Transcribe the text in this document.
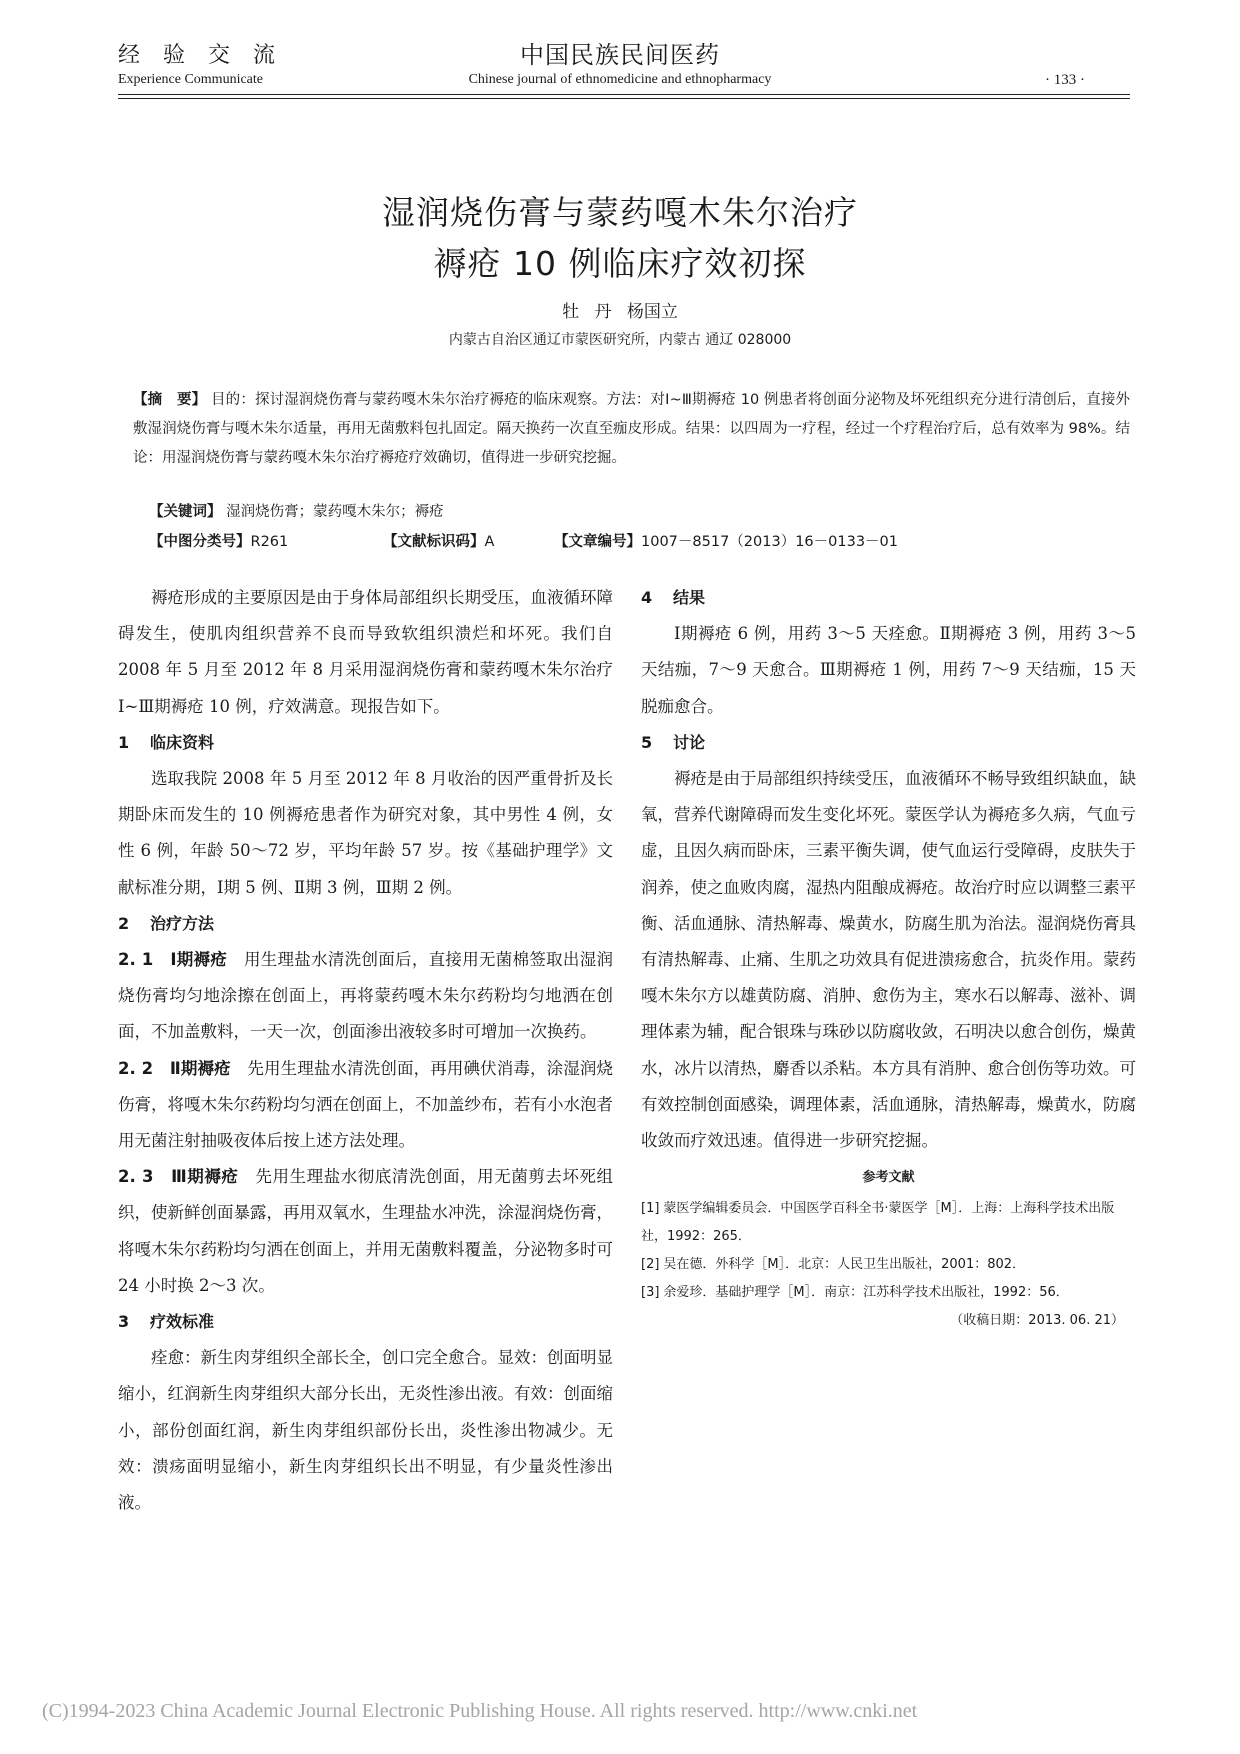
经 验 交 流
Experience Communicate
中国民族民间医药
Chinese journal of ethnomedicine and ethnopharmacy	· 133 ·
湿润烧伤膏与蒙药嘎木朱尔治疗
褥疮 10 例临床疗效初探
牡 丹 杨国立
内蒙古自治区通辽市蒙医研究所，内蒙古 通辽 028000
【摘　要】 目的：探讨湿润烧伤膏与蒙药嘎木朱尔治疗褥疮的临床观察。方法：对Ⅰ~Ⅲ期褥疮 10 例患者将创面分泌物及坏死组织充分进行清创后，直接外敷湿润烧伤膏与嘎木朱尔适量，再用无菌敷料包扎固定。隔天换药一次直至痂皮形成。结果：以四周为一疗程，经过一个疗程治疗后，总有效率为 98%。结论：用湿润烧伤膏与蒙药嘎木朱尔治疗褥疮疗效确切，值得进一步研究挖掘。
【关键词】 湿润烧伤膏；蒙药嘎木朱尔；褥疮
【中图分类号】R261	【文献标识码】A	【文章编号】1007－8517（2013）16－0133－01

褥疮形成的主要原因是由于身体局部组织长期受压，血液循环障碍发生，使肌肉组织营养不良而导致软组织溃烂和坏死。我们自 2008 年 5 月至 2012 年 8 月采用湿润烧伤膏和蒙药嘎木朱尔治疗Ⅰ~Ⅲ期褥疮 10 例，疗效满意。现报告如下。

1 临床资料

选取我院 2008 年 5 月至 2012 年 8 月收治的因严重骨折及长期卧床而发生的 10 例褥疮患者作为研究对象，其中男性 4 例，女性 6 例，年龄 50～72 岁，平均年龄 57 岁。按《基础护理学》文献标准分期，Ⅰ期 5 例、Ⅱ期 3 例，Ⅲ期 2 例。

2 治疗方法

2. 1　Ⅰ期褥疮　 用生理盐水清洗创面后，直接用无菌棉签取出湿润烧伤膏均匀地涂擦在创面上，再将蒙药嘎木朱尔药粉均匀地洒在创面，不加盖敷料，一天一次，创面渗出液较多时可增加一次换药。

2. 2　Ⅱ期褥疮　 先用生理盐水清洗创面，再用碘伏消毒，涂湿润烧伤膏，将嘎木朱尔药粉均匀洒在创面上，不加盖纱布，若有小水泡者用无菌注射抽吸夜体后按上述方法处理。

2. 3　Ⅲ期褥疮　 先用生理盐水彻底清洗创面，用无菌剪去坏死组织，使新鲜创面暴露，再用双氧水，生理盐水冲洗，涂湿润烧伤膏，将嘎木朱尔药粉均匀洒在创面上，并用无菌敷料覆盖，分泌物多时可 24 小时换 2～3 次。

3 疗效标准

痊愈：新生肉芽组织全部长全，创口完全愈合。显效：创面明显缩小，红润新生肉芽组织大部分长出，无炎性渗出液。有效：创面缩小，部份创面红润，新生肉芽组织部份长出，炎性渗出物减少。无效：溃疡面明显缩小，新生肉芽组织长出不明显，有少量炎性渗出液。

4 结果

Ⅰ期褥疮 6 例，用药 3～5 天痊愈。Ⅱ期褥疮 3 例，用药 3～5 天结痂，7～9 天愈合。Ⅲ期褥疮 1 例，用药 7～9 天结痂，15 天脱痂愈合。

5 讨论

褥疮是由于局部组织持续受压，血液循环不畅导致组织缺血，缺氧，营养代谢障碍而发生变化坏死。蒙医学认为褥疮多久病，气血亏虚，且因久病而卧床，三素平衡失调，使气血运行受障碍，皮肤失于润养，使之血败肉腐，湿热内阻酿成褥疮。故治疗时应以调整三素平衡、活血通脉、清热解毒、燥黄水，防腐生肌为治法。湿润烧伤膏具有清热解毒、止痛、生肌之功效具有促进溃疡愈合，抗炎作用。蒙药嘎木朱尔方以雄黄防腐、消肿、愈伤为主，寒水石以解毒、滋补、调理体素为辅，配合银珠与珠砂以防腐收敛，石明决以愈合创伤，燥黄水，冰片以清热，麝香以杀粘。本方具有消肿、愈合创伤等功效。可有效控制创面感染，调理体素，活血通脉，清热解毒，燥黄水，防腐收敛而疗效迅速。值得进一步研究挖掘。

参考文献

[1] 蒙医学编辑委员会．中国医学百科全书·蒙医学［M］．上海：上海科学技术出版社，1992：265．

[2] 吴在德．外科学［M］．北京：人民卫生出版社，2001：802．

[3] 余爱珍．基础护理学［M］．南京：江苏科学技术出版社，1992：56．

（收稿日期：2013. 06. 21）

(C)1994-2023 China Academic Journal Electronic Publishing House. All rights reserved. http://www.cnki.net
